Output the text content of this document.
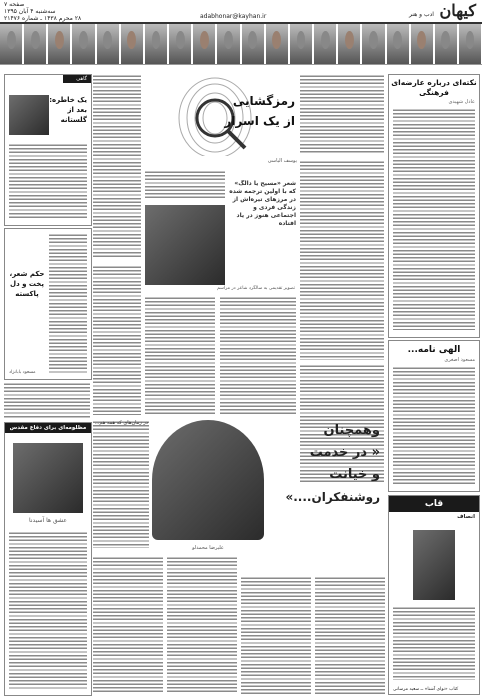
صفحه ۷
سه‌شنبه ۴ آبان ۱۳۹۵
۲۸ محرم ۱۴۳۸ ـ شماره ۲۱۴۷۶	adabhonar@kayhan.ir	کیهان ادب و هنر
نکته‌ای درباره عارضه‌ای فرهنگی
عادل شهیدی
الهی نامه...
مسعود اصغری
قاب
انصاف
کتاب «نوای آشنا» ــ سعید مرسانی
رمزگشایی
از یک اسرار
یوسف الیاسی
شعر «مسیح یا دالگ» که با اولین ترجمه شده در مرزهای تیره‌اش از زندگی فردی و اجتماعی هنوز در یاد افتاده
تصویر تقدیمی به سالگرد شاعر در مراسم
در زمان‌های که همه هم...	وهمچنان
« در خدمت
و خیانت
روشنفکران....»
علیرضا محمدلو
گاهی
یک خاطره: بعد از گلستانه
حکم شعر، پخت و دل پاکسته
مسعود بابانژاد
مظلومه‌ای برای دفاع مقدس
عشق ها آسیدنا
